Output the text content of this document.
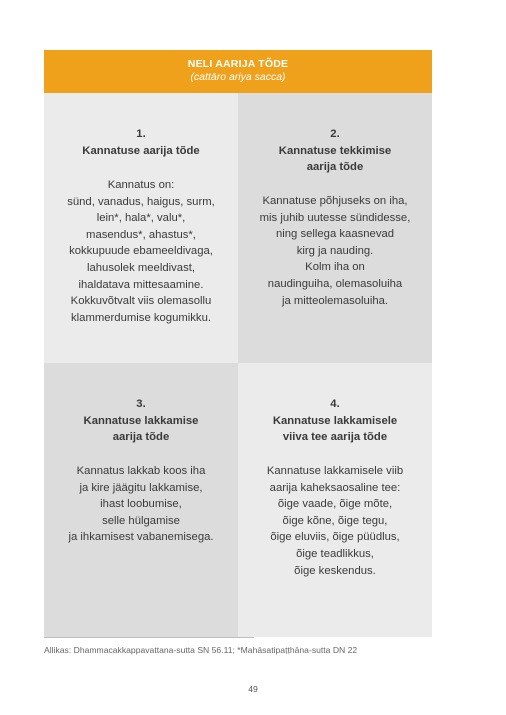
NELI AARIJA TÕDE
(cattāro ariya sacca)
1.
Kannatuse aarija tõde
Kannatus on:
sünd, vanadus, haigus, surm,
lein*, hala*, valu*,
masendus*, ahastus*,
kokkupuude ebameeldivaga,
lahusolek meeldivast,
ihaldatava mittesaamine.
Kokkuvõtvalt viis olemasollu
klammerdumise kogumikku.
2.
Kannatuse tekkimise
aarija tõde
Kannatuse põhjuseks on iha,
mis juhib uutesse sündidesse,
ning sellega kaasnevad
kirg ja nauding.
Kolm iha on
naudinguiha, olemasoluiha
ja mitteolemasoluiha.
3.
Kannatuse lakkamise
aarija tõde
Kannatus lakkab koos iha
ja kire jäägitu lakkamise,
ihast loobumise,
selle hülgamise
ja ihkamisest vabanemisega.
4.
Kannatuse lakkamisele
viiva tee aarija tõde
Kannatuse lakkamisele viib
aarija kaheksaosaline tee:
õige vaade, õige mõte,
õige kõne, õige tegu,
õige eluviis, õige püüdlus,
õige teadlikkus,
õige keskendus.
Allikas: Dhammacakkappavattana-sutta SN 56.11; *Mahāsatipaṭṭhāna-sutta DN 22
49
